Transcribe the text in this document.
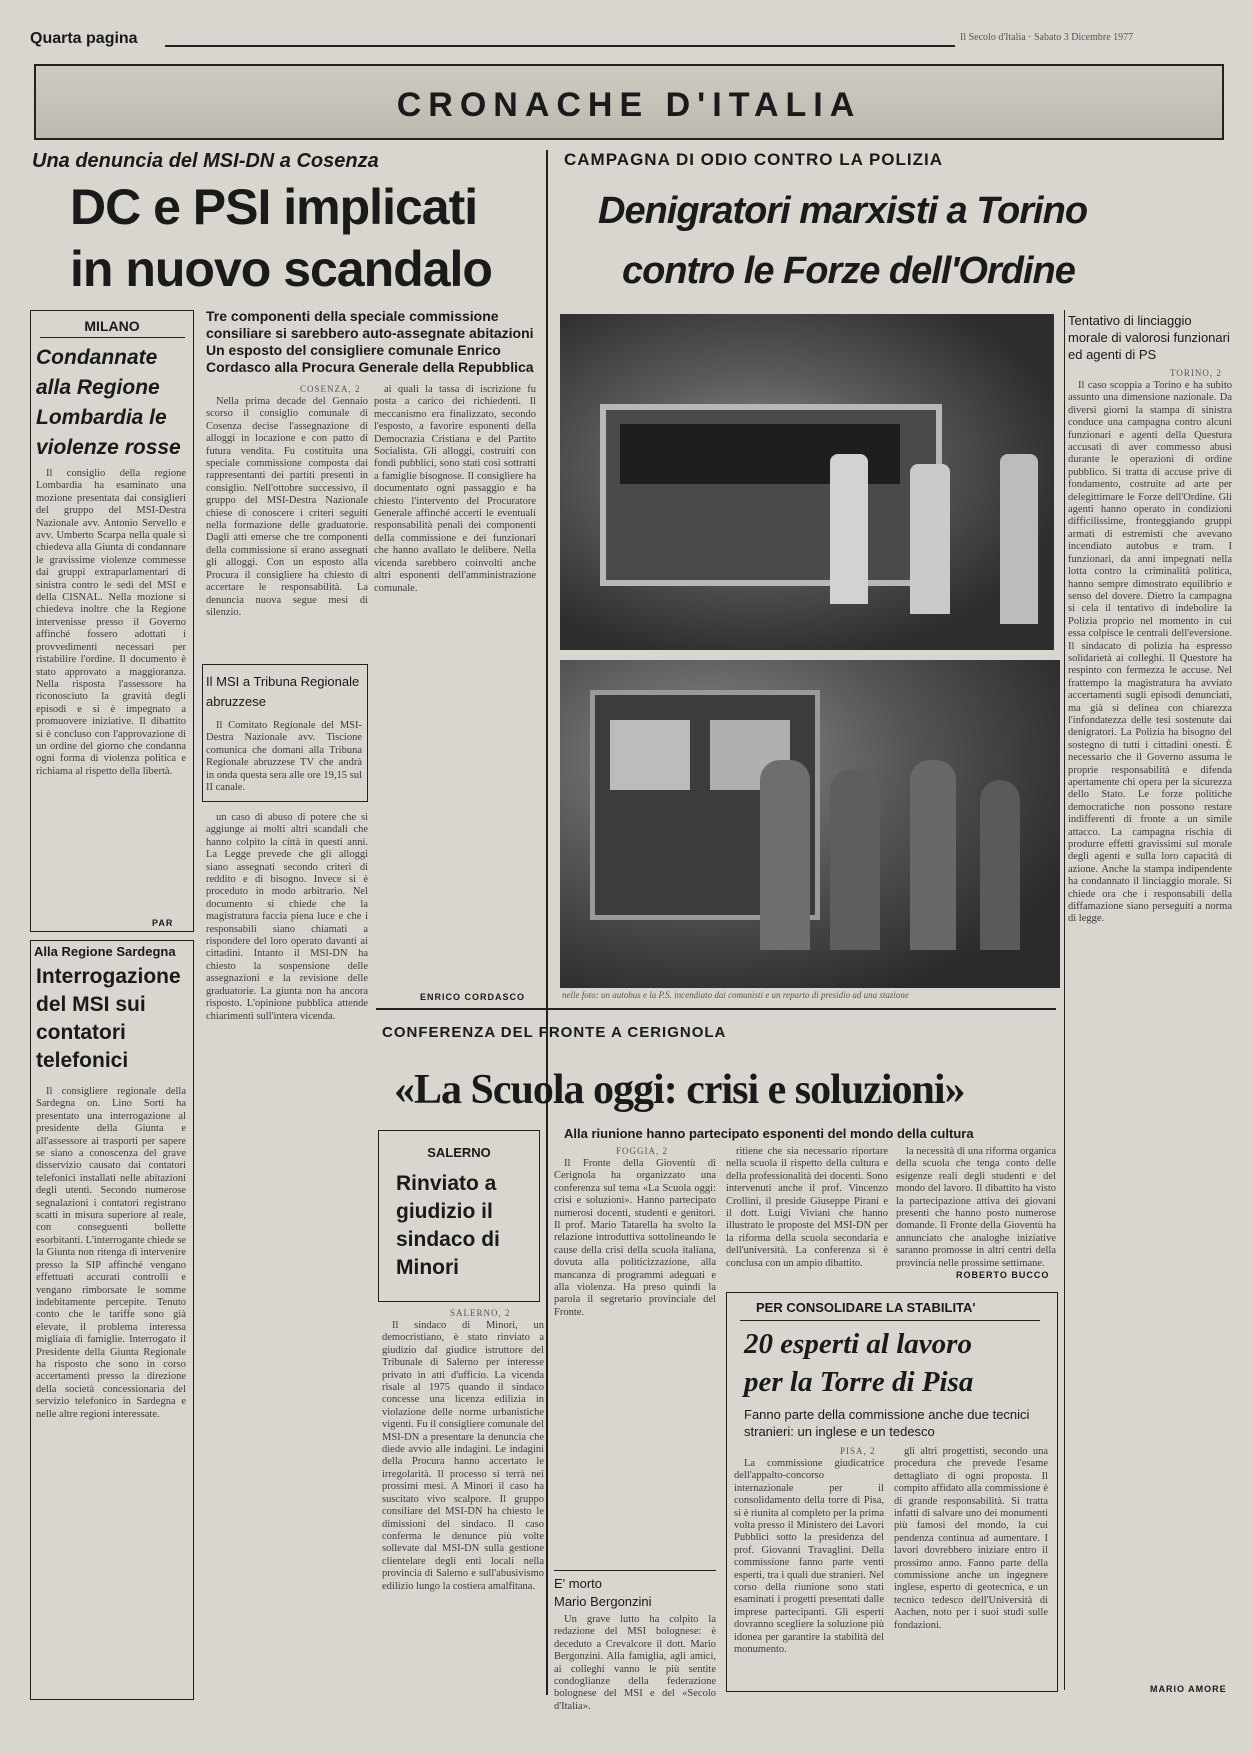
Quarta pagina	Il Secolo d'Italia · Sabato 3 Dicembre 1977
CRONACHE D'ITALIA
Una denuncia del MSI-DN a Cosenza
DC e PSI implicati
in nuovo scandalo
MILANO
Condannate alla Regione Lombardia le violenze rosse
Il consiglio della regione Lombardia ha esaminato una mozione presentata dai consiglieri del gruppo del MSI-Destra Nazionale avv. Antonio Servello e avv. Umberto Scarpa nella quale si chiedeva alla Giunta di condannare le gravissime violenze commesse dai gruppi extraparlamentari di sinistra contro le sedi del MSI e della CISNAL. Nella mozione si chiedeva inoltre che la Regione intervenisse presso il Governo affinché fossero adottati i provvedimenti necessari per ristabilire l'ordine. Il documento è stato approvato a maggioranza. Nella risposta l'assessore ha riconosciuto la gravità degli episodi e si è impegnato a promuovere iniziative. Il dibattito si è concluso con l'approvazione di un ordine del giorno che condanna ogni forma di violenza politica e richiama al rispetto della libertà.
PAR
Alla Regione Sardegna
Interrogazione del MSI sui contatori telefonici
Il consigliere regionale della Sardegna on. Lino Sorti ha presentato una interrogazione al presidente della Giunta e all'assessore ai trasporti per sapere se siano a conoscenza del grave disservizio causato dai contatori telefonici installati nelle abitazioni degli utenti. Secondo numerose segnalazioni i contatori registrano scatti in misura superiore al reale, con conseguenti bollette esorbitanti. L'interrogante chiede se la Giunta non ritenga di intervenire presso la SIP affinché vengano effettuati accurati controlli e vengano rimborsate le somme indebitamente percepite. Tenuto conto che le tariffe sono già elevate, il problema interessa migliaia di famiglie. Interrogato il Presidente della Giunta Regionale ha risposto che sono in corso accertamenti presso la direzione della società concessionaria del servizio telefonico in Sardegna e nelle altre regioni interessate.
Tre componenti della speciale commissione consiliare si sarebbero auto-assegnate abitazioni Un esposto del consigliere comunale Enrico Cordasco alla Procura Generale della Repubblica
COSENZA, 2
Nella prima decade del Gennaio scorso il consiglio comunale di Cosenza decise l'assegnazione di alloggi in locazione e con patto di futura vendita. Fu costituita una speciale commissione composta dai rappresentanti dei partiti presenti in consiglio. Nell'ottobre successivo, il gruppo del MSI-Destra Nazionale chiese di conoscere i criteri seguiti nella formazione delle graduatorie. Dagli atti emerse che tre componenti della commissione si erano assegnati gli alloggi. Con un esposto alla Procura il consigliere ha chiesto di accertare le responsabilità. La denuncia nuova segue mesi di silenzio.
Il MSI a Tribuna Regionale abruzzese
Il Comitato Regionale del MSI-Destra Nazionale avv. Tiscione comunica che domani alla Tribuna Regionale abruzzese TV che andrà in onda questa sera alle ore 19,15 sul II canale.
un caso di abuso di potere che si aggiunge ai molti altri scandali che hanno colpito la città in questi anni. La Legge prevede che gli alloggi siano assegnati secondo criteri di reddito e di bisogno. Invece si è proceduto in modo arbitrario. Nel documento si chiede che la magistratura faccia piena luce e che i responsabili siano chiamati a rispondere del loro operato davanti ai cittadini. Intanto il MSI-DN ha chiesto la sospensione delle assegnazioni e la revisione delle graduatorie. La giunta non ha ancora risposto. L'opinione pubblica attende chiarimenti sull'intera vicenda.
ai quali la tassa di iscrizione fu posta a carico dei richiedenti. Il meccanismo era finalizzato, secondo l'esposto, a favorire esponenti della Democrazia Cristiana e del Partito Socialista. Gli alloggi, costruiti con fondi pubblici, sono stati così sottratti a famiglie bisognose. Il consigliere ha documentato ogni passaggio e ha chiesto l'intervento del Procuratore Generale affinché accerti le eventuali responsabilità penali dei componenti della commissione e dei funzionari che hanno avallato le delibere. Nella vicenda sarebbero coinvolti anche altri esponenti dell'amministrazione comunale.
ENRICO CORDASCO
CAMPAGNA DI ODIO CONTRO LA POLIZIA
Denigratori marxisti a Torino
contro le Forze dell'Ordine
nelle foto: un autobus e la P.S. incendiato dai comunisti e un reparto di presidio ad una stazione
Tentativo di linciaggio morale di valorosi funzionari ed agenti di PS
TORINO, 2
Il caso scoppia a Torino e ha subito assunto una dimensione nazionale. Da diversi giorni la stampa di sinistra conduce una campagna contro alcuni funzionari e agenti della Questura accusati di aver commesso abusi durante le operazioni di ordine pubblico. Si tratta di accuse prive di fondamento, costruite ad arte per delegittimare le Forze dell'Ordine. Gli agenti hanno operato in condizioni difficilissime, fronteggiando gruppi armati di estremisti che avevano incendiato autobus e tram. I funzionari, da anni impegnati nella lotta contro la criminalità politica, hanno sempre dimostrato equilibrio e senso del dovere. Dietro la campagna si cela il tentativo di indebolire la Polizia proprio nel momento in cui essa colpisce le centrali dell'eversione. Il sindacato di polizia ha espresso solidarietà ai colleghi. Il Questore ha respinto con fermezza le accuse. Nel frattempo la magistratura ha avviato accertamenti sugli episodi denunciati, ma già si delinea con chiarezza l'infondatezza delle tesi sostenute dai denigratori. La Polizia ha bisogno del sostegno di tutti i cittadini onesti. È necessario che il Governo assuma le proprie responsabilità e difenda apertamente chi opera per la sicurezza dello Stato. Le forze politiche democratiche non possono restare indifferenti di fronte a un simile attacco. La campagna rischia di produrre effetti gravissimi sul morale degli agenti e sulla loro capacità di azione. Anche la stampa indipendente ha condannato il linciaggio morale. Si chiede ora che i responsabili della diffamazione siano perseguiti a norma di legge.
MARIO AMORE
CONFERENZA DEL FRONTE A CERIGNOLA
«La Scuola oggi: crisi e soluzioni»
Alla riunione hanno partecipato esponenti del mondo della cultura
SALERNO
Rinviato a giudizio il sindaco di Minori
SALERNO, 2
Il sindaco di Minori, un democristiano, è stato rinviato a giudizio dal giudice istruttore del Tribunale di Salerno per interesse privato in atti d'ufficio. La vicenda risale al 1975 quando il sindaco concesse una licenza edilizia in violazione delle norme urbanistiche vigenti. Fu il consigliere comunale del MSI-DN a presentare la denuncia che diede avvio alle indagini. Le indagini della Procura hanno accertato le irregolarità. Il processo si terrà nei prossimi mesi. A Minori il caso ha suscitato vivo scalpore. Il gruppo consiliare del MSI-DN ha chiesto le dimissioni del sindaco. Il caso conferma le denunce più volte sollevate dal MSI-DN sulla gestione clientelare degli enti locali nella provincia di Salerno e sull'abusivismo edilizio lungo la costiera amalfitana.
FOGGIA, 2
Il Fronte della Gioventù di Cerignola ha organizzato una conferenza sul tema «La Scuola oggi: crisi e soluzioni». Hanno partecipato numerosi docenti, studenti e genitori. Il prof. Mario Tatarella ha svolto la relazione introduttiva sottolineando le cause della crisi della scuola italiana, dovuta alla politicizzazione, alla mancanza di programmi adeguati e alla violenza. Ha preso quindi la parola il segretario provinciale del Fronte.
ritiene che sia necessario riportare nella scuola il rispetto della cultura e della professionalità dei docenti. Sono intervenuti anche il prof. Vincenzo Crollini, il preside Giuseppe Pirani e il dott. Luigi Viviani che hanno illustrato le proposte del MSI-DN per la riforma della scuola secondaria e dell'università. La conferenza si è conclusa con un ampio dibattito.
la necessità di una riforma organica della scuola che tenga conto delle esigenze reali degli studenti e del mondo del lavoro. Il dibattito ha visto la partecipazione attiva dei giovani presenti che hanno posto numerose domande. Il Fronte della Gioventù ha annunciato che analoghe iniziative saranno promosse in altri centri della provincia nelle prossime settimane.
ROBERTO BUCCO
E' morto
Mario Bergonzini
Un grave lutto ha colpito la redazione del MSI bolognese: è deceduto a Crevalcore il dott. Mario Bergonzini. Alla famiglia, agli amici, ai colleghi vanno le più sentite condoglianze della federazione bolognese del MSI e del «Secolo d'Italia».
PER CONSOLIDARE LA STABILITA'
20 esperti al lavoro
per la Torre di Pisa
Fanno parte della commissione anche due tecnici stranieri: un inglese e un tedesco
PISA, 2
La commissione giudicatrice dell'appalto-concorso internazionale per il consolidamento della torre di Pisa, si è riunita al completo per la prima volta presso il Ministero dei Lavori Pubblici sotto la presidenza del prof. Giovanni Travaglini. Della commissione fanno parte venti esperti, tra i quali due stranieri. Nel corso della riunione sono stati esaminati i progetti presentati dalle imprese partecipanti. Gli esperti dovranno scegliere la soluzione più idonea per garantire la stabilità del monumento.
gli altri progettisti, secondo una procedura che prevede l'esame dettagliato di ogni proposta. Il compito affidato alla commissione è di grande responsabilità. Si tratta infatti di salvare uno dei monumenti più famosi del mondo, la cui pendenza continua ad aumentare. I lavori dovrebbero iniziare entro il prossimo anno. Fanno parte della commissione anche un ingegnere inglese, esperto di geotecnica, e un tecnico tedesco dell'Università di Aachen, noto per i suoi studi sulle fondazioni.
